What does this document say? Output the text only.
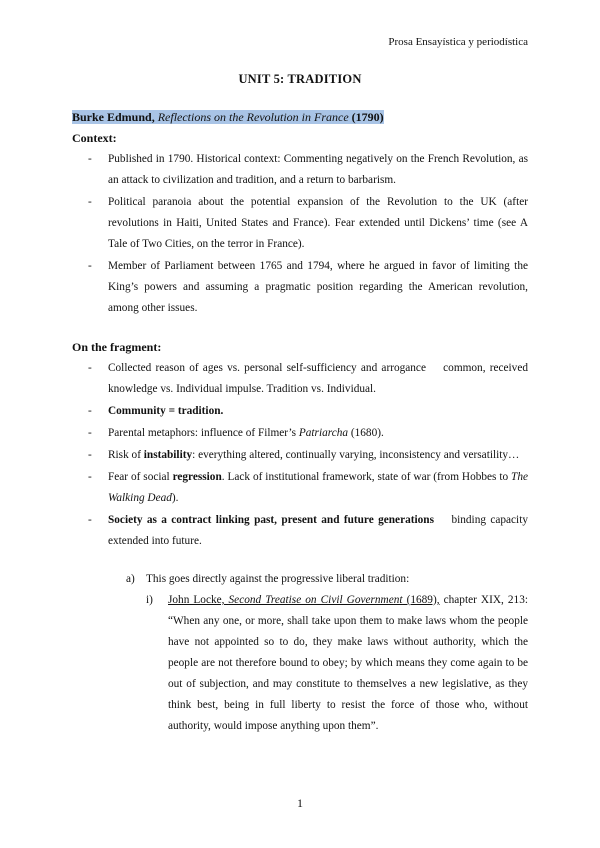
Prosa Ensayística y periodística
UNIT 5: TRADITION
Burke Edmund, Reflections on the Revolution in France (1790)
Context:
- Published in 1790. Historical context: Commenting negatively on the French Revolution, as an attack to civilization and tradition, and a return to barbarism.
- Political paranoia about the potential expansion of the Revolution to the UK (after revolutions in Haiti, United States and France). Fear extended until Dickens’ time (see A Tale of Two Cities, on the terror in France).
- Member of Parliament between 1765 and 1794, where he argued in favor of limiting the King’s powers and assuming a pragmatic position regarding the American revolution, among other issues.
On the fragment:
- Collected reason of ages vs. personal self-sufficiency and arrogance   common, received knowledge vs. Individual impulse. Tradition vs. Individual.
- Community = tradition.
- Parental metaphors: influence of Filmer’s Patriarcha (1680).
- Risk of instability: everything altered, continually varying, inconsistency and versatility…
- Fear of social regression. Lack of institutional framework, state of war (from Hobbes to The Walking Dead).
- Society as a contract linking past, present and future generations   binding capacity extended into future.
a) This goes directly against the progressive liberal tradition:
i) John Locke, Second Treatise on Civil Government (1689), chapter XIX, 213: “When any one, or more, shall take upon them to make laws whom the people have not appointed so to do, they make laws without authority, which the people are not therefore bound to obey; by which means they come again to be out of subjection, and may constitute to themselves a new legislative, as they think best, being in full liberty to resist the force of those who, without authority, would impose anything upon them”.
1
